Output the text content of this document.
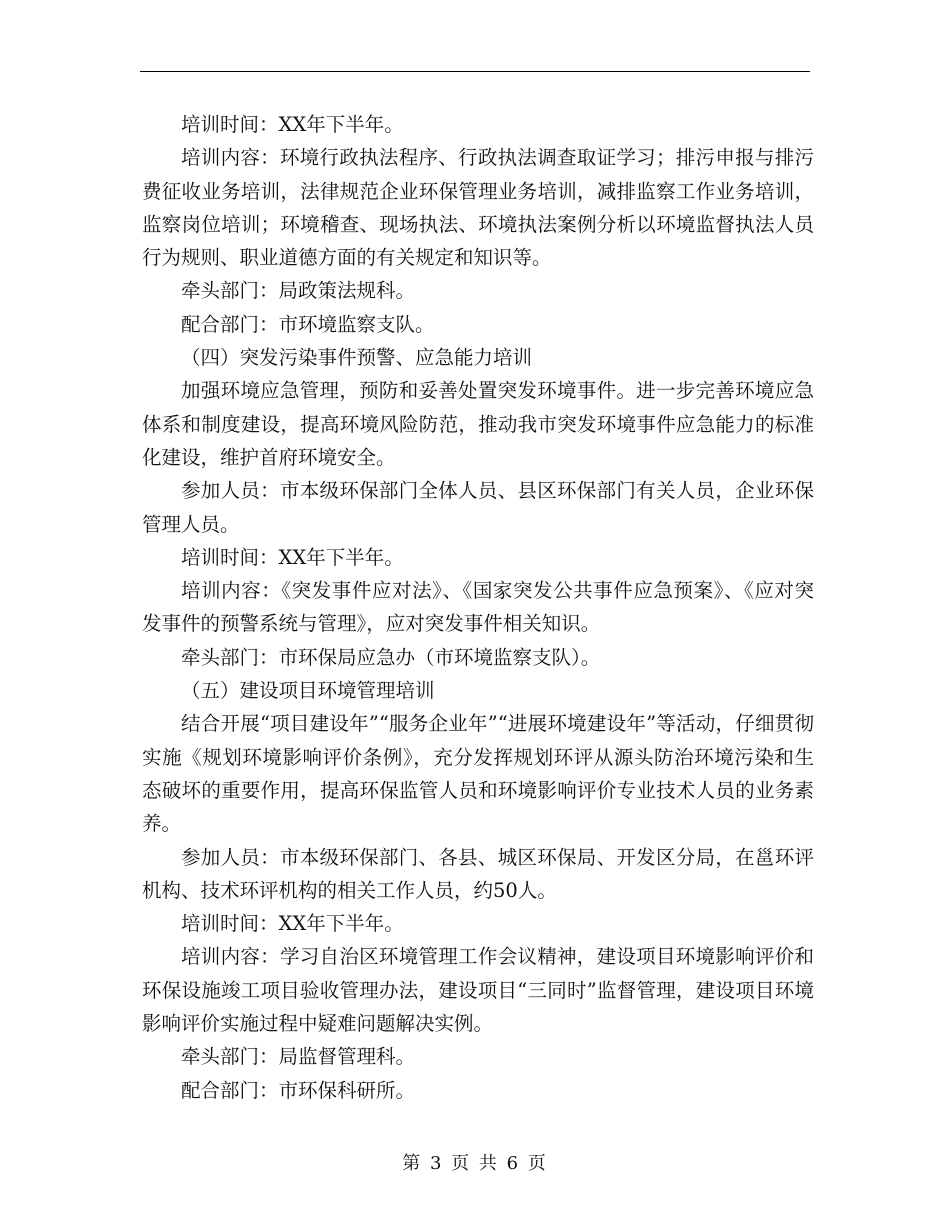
培训时间：XX年下半年。

培训内容：环境行政执法程序、行政执法调查取证学习；排污申报与排污费征收业务培训，法律规范企业环保管理业务培训，减排监察工作业务培训，监察岗位培训；环境稽查、现场执法、环境执法案例分析以环境监督执法人员行为规则、职业道德方面的有关规定和知识等。

牵头部门：局政策法规科。

配合部门：市环境监察支队。

（四）突发污染事件预警、应急能力培训

加强环境应急管理，预防和妥善处置突发环境事件。进一步完善环境应急体系和制度建设，提高环境风险防范，推动我市突发环境事件应急能力的标准化建设，维护首府环境安全。

参加人员：市本级环保部门全体人员、县区环保部门有关人员，企业环保管理人员。

培训时间：XX年下半年。

培训内容：《突发事件应对法》、《国家突发公共事件应急预案》、《应对突发事件的预警系统与管理》，应对突发事件相关知识。

牵头部门：市环保局应急办（市环境监察支队）。

（五）建设项目环境管理培训

结合开展“项目建设年”“服务企业年”“进展环境建设年”等活动，仔细贯彻实施《规划环境影响评价条例》，充分发挥规划环评从源头防治环境污染和生态破坏的重要作用，提高环保监管人员和环境影响评价专业技术人员的业务素养。

参加人员：市本级环保部门、各县、城区环保局、开发区分局，在邕环评机构、技术环评机构的相关工作人员，约50人。

培训时间：XX年下半年。

培训内容：学习自治区环境管理工作会议精神，建设项目环境影响评价和环保设施竣工项目验收管理办法，建设项目“三同时”监督管理，建设项目环境影响评价实施过程中疑难问题解决实例。

牵头部门：局监督管理科。

配合部门：市环保科研所。

第 3 页 共 6 页
